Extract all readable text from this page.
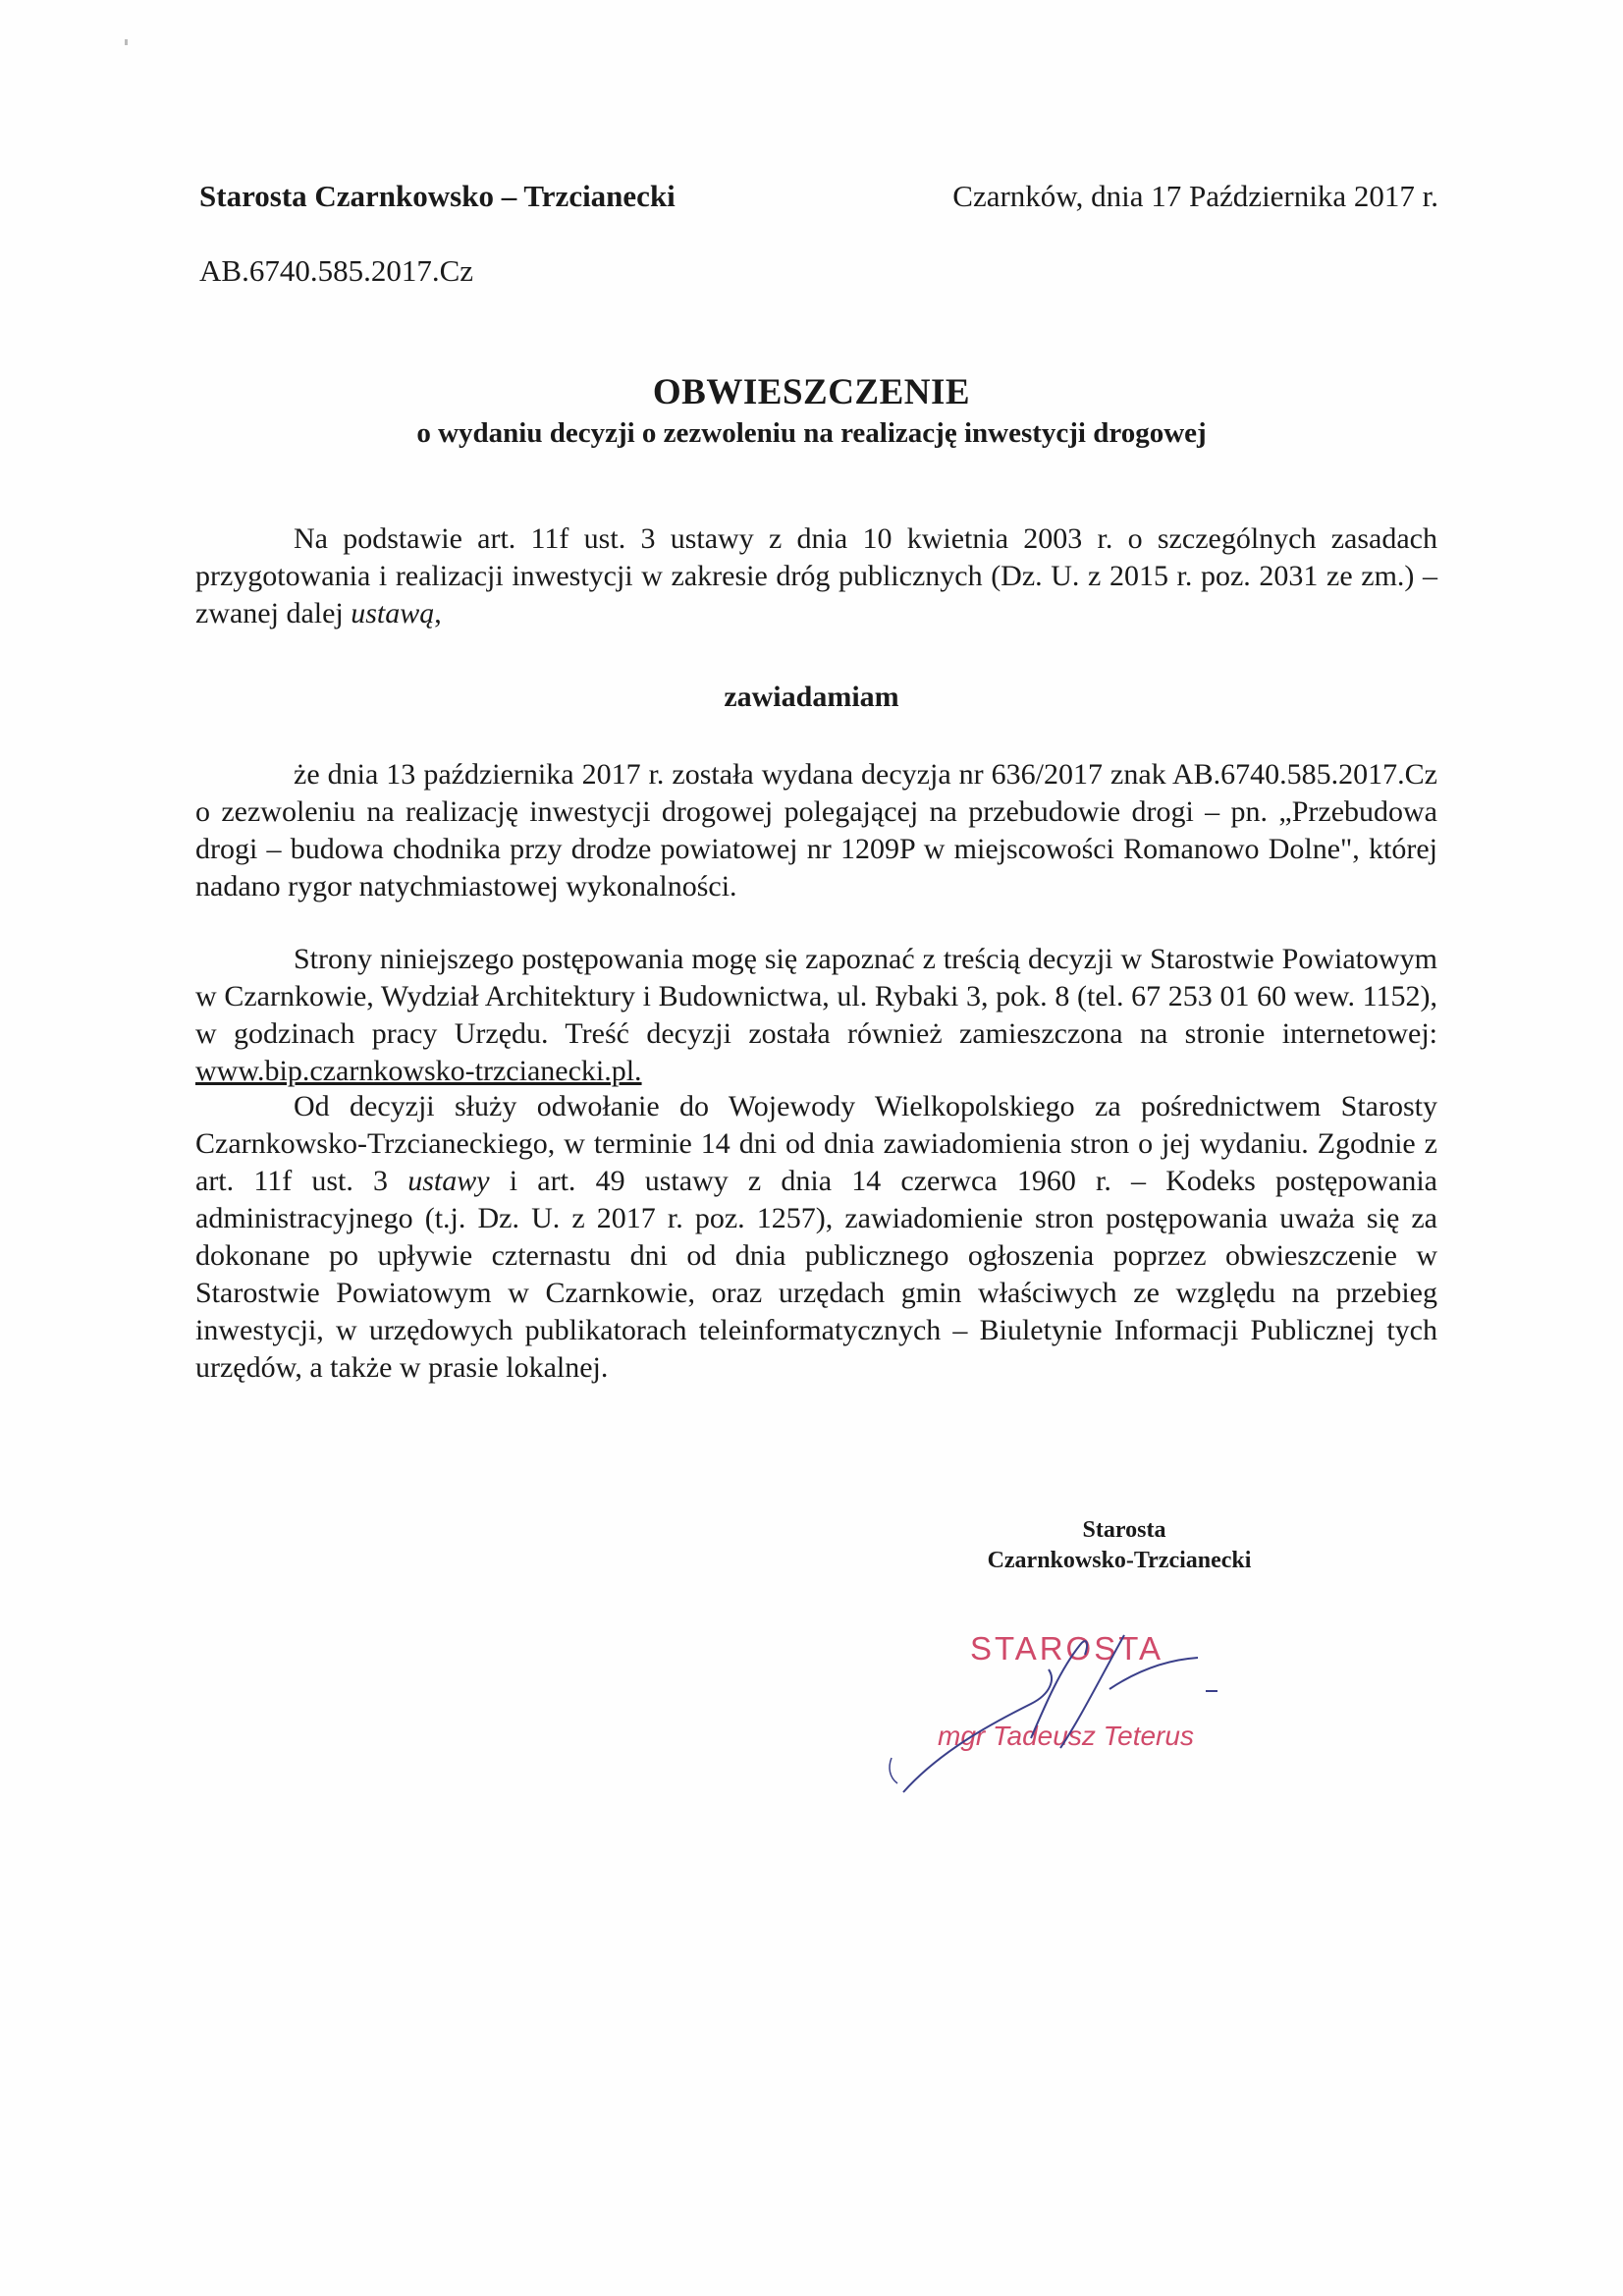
Starosta Czarnkowsko – Trzcianecki	Czarnków, dnia 17 Października 2017 r.
AB.6740.585.2017.Cz
OBWIESZCZENIE
o wydaniu decyzji o zezwoleniu na realizację inwestycji drogowej
Na podstawie art. 11f ust. 3 ustawy z dnia 10 kwietnia 2003 r. o szczególnych zasadach przygotowania i realizacji inwestycji w zakresie dróg publicznych (Dz. U. z 2015 r. poz. 2031 ze zm.) – zwanej dalej ustawą,
zawiadamiam
że dnia 13 października 2017 r. została wydana decyzja nr 636/2017 znak AB.6740.585.2017.Cz o zezwoleniu na realizację inwestycji drogowej polegającej na przebudowie drogi – pn. „Przebudowa drogi – budowa chodnika przy drodze powiatowej nr 1209P w miejscowości Romanowo Dolne", której nadano rygor natychmiastowej wykonalności.
Strony niniejszego postępowania mogę się zapoznać z treścią decyzji w Starostwie Powiatowym w Czarnkowie, Wydział Architektury i Budownictwa, ul. Rybaki 3, pok. 8 (tel. 67 253 01 60 wew. 1152), w godzinach pracy Urzędu. Treść decyzji została również zamieszczona na stronie internetowej: www.bip.czarnkowsko-trzcianecki.pl.
Od decyzji służy odwołanie do Wojewody Wielkopolskiego za pośrednictwem Starosty Czarnkowsko-Trzcianeckiego, w terminie 14 dni od dnia zawiadomienia stron o jej wydaniu. Zgodnie z art. 11f ust. 3 ustawy i art. 49 ustawy z dnia 14 czerwca 1960 r. – Kodeks postępowania administracyjnego (t.j. Dz. U. z 2017 r. poz. 1257), zawiadomienie stron postępowania uważa się za dokonane po upływie czternastu dni od dnia publicznego ogłoszenia poprzez obwieszczenie w Starostwie Powiatowym w Czarnkowie, oraz urzędach gmin właściwych ze względu na przebieg inwestycji, w urzędowych publikatorach teleinformatycznych – Biuletynie Informacji Publicznej tych urzędów, a także w prasie lokalnej.
Starosta
Czarnkowsko-Trzcianecki
STAROSTA
mgr Tadeusz Teterus
